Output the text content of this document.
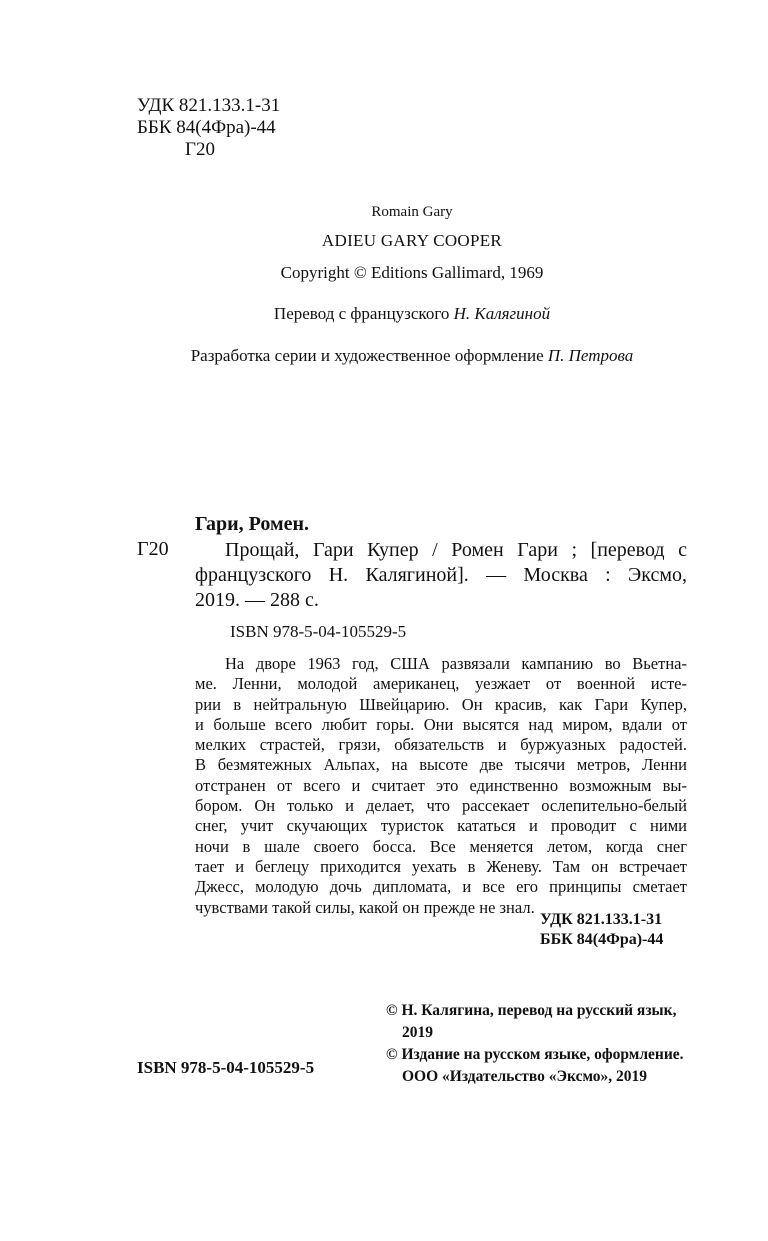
УДК 821.133.1-31
ББК 84(4Фра)-44
Г20
Romain Gary
ADIEU GARY COOPER
Copyright © Editions Gallimard, 1969
Перевод с французского Н. Калягиной
Разработка серии и художественное оформление П. Петрова
Гари, Ромен.
Г20	Прощай, Гари Купер / Ромен Гари ; [перевод с
французского Н. Калягиной]. — Москва : Эксмо,
2019. — 288 с.
ISBN 978-5-04-105529-5
На дворе 1963 год, США развязали кампанию во Вьетна-
ме. Ленни, молодой американец, уезжает от военной исте-
рии в нейтральную Швейцарию. Он красив, как Гари Купер,
и больше всего любит горы. Они высятся над миром, вдали от
мелких страстей, грязи, обязательств и буржуазных радостей.
В безмятежных Альпах, на высоте две тысячи метров, Ленни
отстранен от всего и считает это единственно возможным вы-
бором. Он только и делает, что рассекает ослепительно-белый
снег, учит скучающих туристок кататься и проводит с ними
ночи в шале своего босса. Все меняется летом, когда снег
тает и беглецу приходится уехать в Женеву. Там он встречает
Джесс, молодую дочь дипломата, и все его принципы сметает
чувствами такой силы, какой он прежде не знал.
УДК 821.133.1-31
ББК 84(4Фра)-44
ISBN 978-5-04-105529-5
© Н. Калягина, перевод на русский язык,
2019
© Издание на русском языке, оформление.
ООО «Издательство «Эксмо», 2019
